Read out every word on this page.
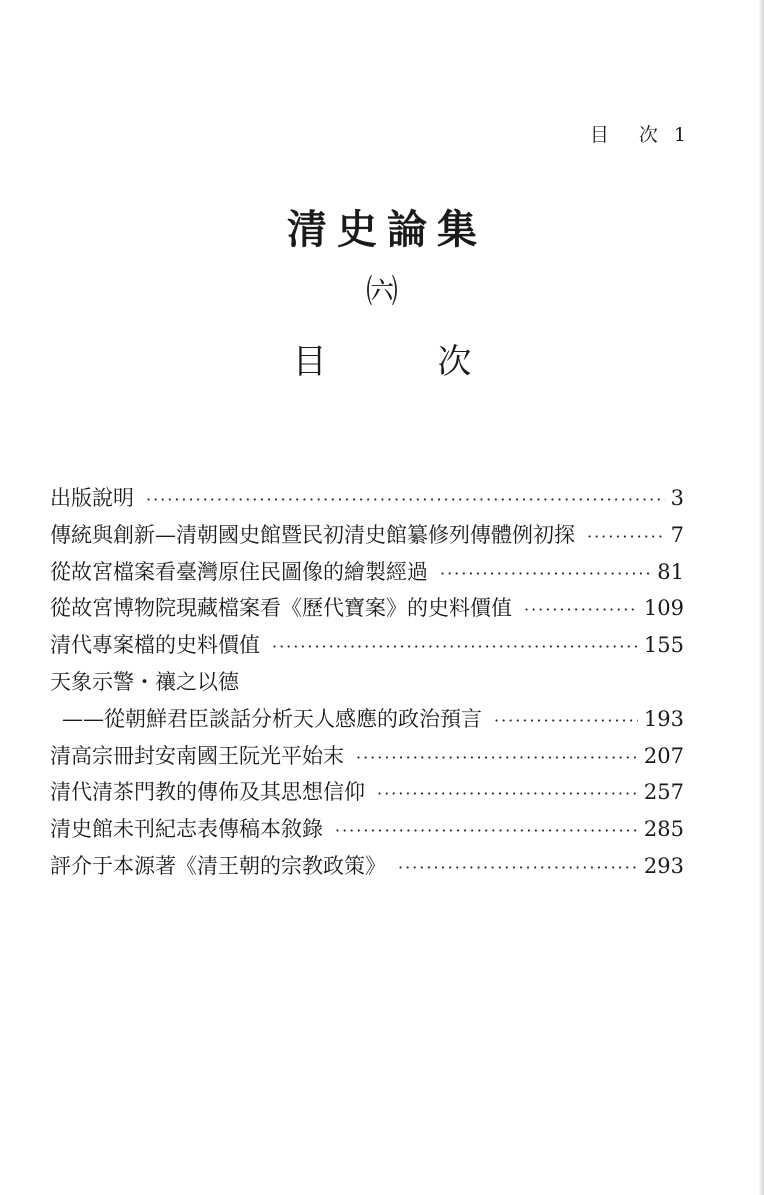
目 次 1
清史論集
㈥
目 次
出版說明 ·····	3
傳統與創新—清朝國史館暨民初清史館纂修列傳體例初探 ·····	7
從故宮檔案看臺灣原住民圖像的繪製經過 ·····	81
從故宮博物院現藏檔案看《歷代寶案》的史料價值 ·····	109
清代專案檔的史料價值 ·····	155
天象示警・禳之以德
——從朝鮮君臣談話分析天人感應的政治預言 ·····	193
清高宗冊封安南國王阮光平始末 ·····	207
清代清茶門教的傳佈及其思想信仰 ·····	257
清史館未刊紀志表傳稿本敘錄 ·····	285
評介于本源著《清王朝的宗教政策》 ·····	293
